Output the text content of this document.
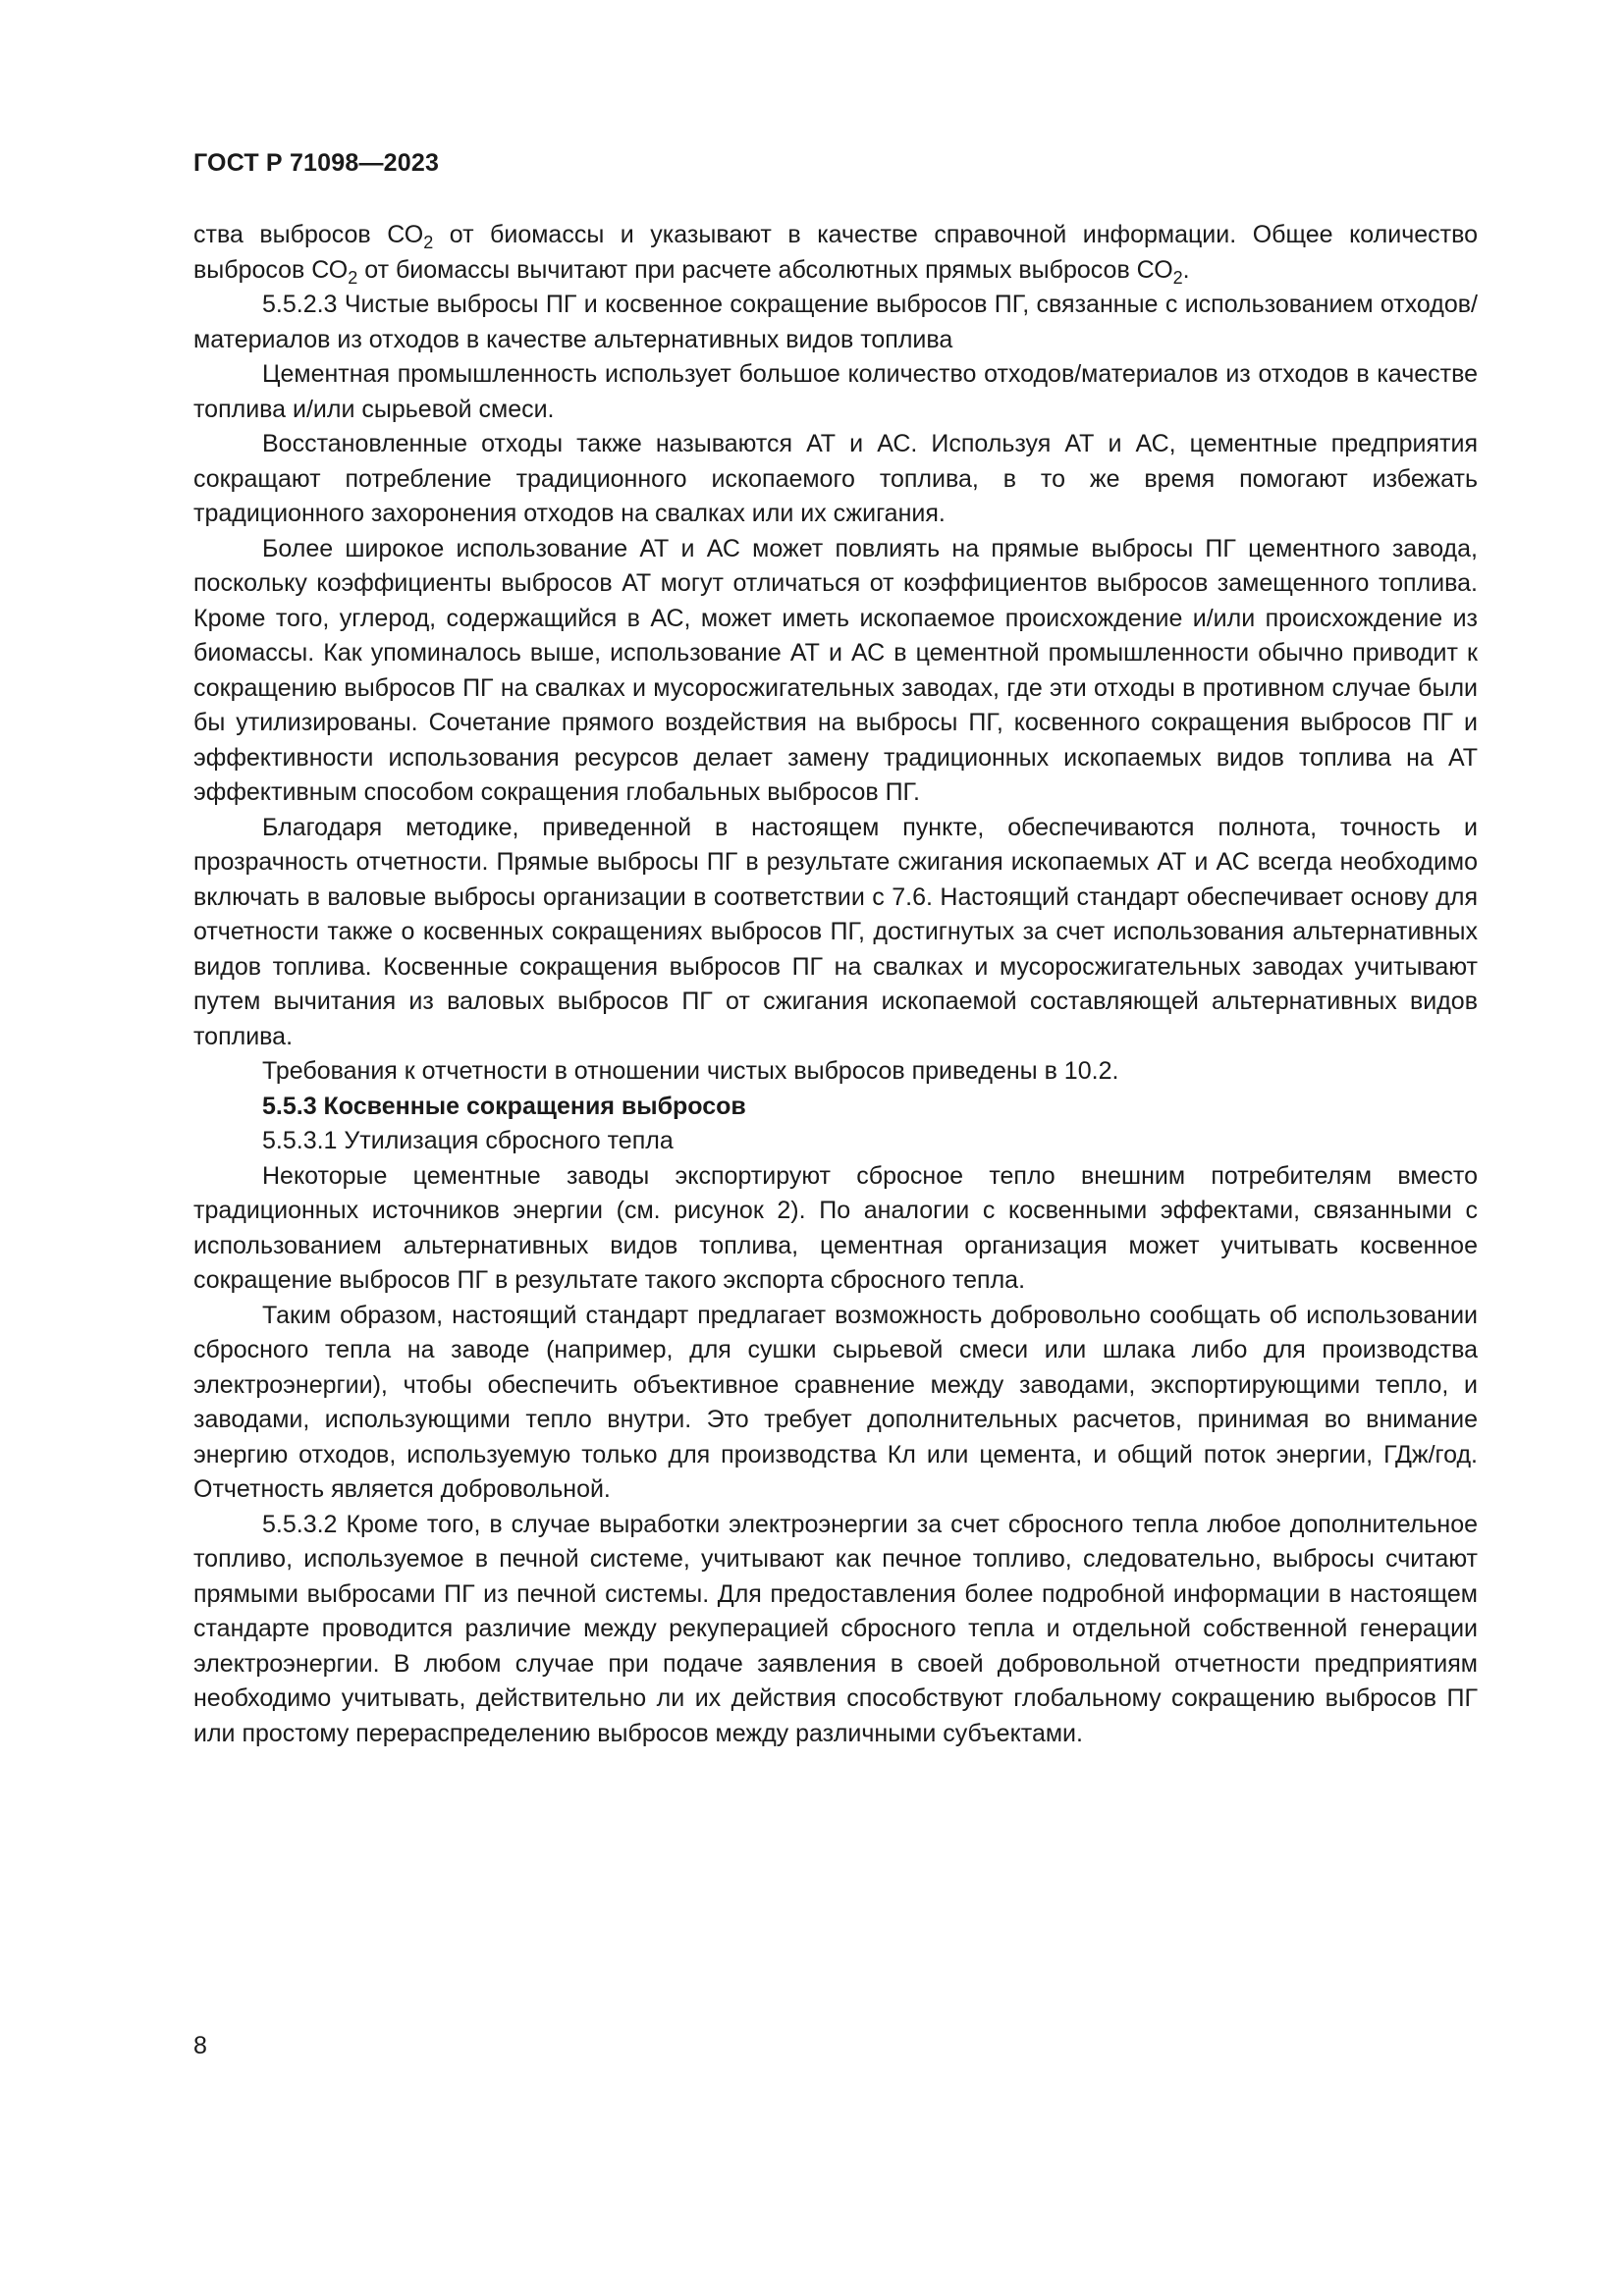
ГОСТ Р 71098—2023

ства выбросов $СО_2$ от биомассы и указывают в качестве справочной информации. Общее количество выбросов $СО_2$ от биомассы вычитают при расчете абсолютных прямых выбросов $СО_2$.

5.5.2.3 Чистые выбросы ПГ и косвенное сокращение выбросов ПГ, связанные с использованием отходов/материалов из отходов в качестве альтернативных видов топлива

Цементная промышленность использует большое количество отходов/материалов из отходов в качестве топлива и/или сырьевой смеси.

Восстановленные отходы также называются АТ и АС. Используя АТ и АС, цементные предприятия сокращают потребление традиционного ископаемого топлива, в то же время помогают избежать традиционного захоронения отходов на свалках или их сжигания.

Более широкое использование АТ и АС может повлиять на прямые выбросы ПГ цементного завода, поскольку коэффициенты выбросов АТ могут отличаться от коэффициентов выбросов замещенного топлива. Кроме того, углерод, содержащийся в АС, может иметь ископаемое происхождение и/или происхождение из биомассы. Как упоминалось выше, использование АТ и АС в цементной промышленности обычно приводит к сокращению выбросов ПГ на свалках и мусоросжигательных заводах, где эти отходы в противном случае были бы утилизированы. Сочетание прямого воздействия на выбросы ПГ, косвенного сокращения выбросов ПГ и эффективности использования ресурсов делает замену традиционных ископаемых видов топлива на АТ эффективным способом сокращения глобальных выбросов ПГ.

Благодаря методике, приведенной в настоящем пункте, обеспечиваются полнота, точность и прозрачность отчетности. Прямые выбросы ПГ в результате сжигания ископаемых АТ и АС всегда необходимо включать в валовые выбросы организации в соответствии с 7.6. Настоящий стандарт обеспечивает основу для отчетности также о косвенных сокращениях выбросов ПГ, достигнутых за счет использования альтернативных видов топлива. Косвенные сокращения выбросов ПГ на свалках и мусоросжигательных заводах учитывают путем вычитания из валовых выбросов ПГ от сжигания ископаемой составляющей альтернативных видов топлива.

Требования к отчетности в отношении чистых выбросов приведены в 10.2.

5.5.3 Косвенные сокращения выбросов

5.5.3.1 Утилизация сбросного тепла

Некоторые цементные заводы экспортируют сбросное тепло внешним потребителям вместо традиционных источников энергии (см. рисунок 2). По аналогии с косвенными эффектами, связанными с использованием альтернативных видов топлива, цементная организация может учитывать косвенное сокращение выбросов ПГ в результате такого экспорта сбросного тепла.

Таким образом, настоящий стандарт предлагает возможность добровольно сообщать об использовании сбросного тепла на заводе (например, для сушки сырьевой смеси или шлака либо для производства электроэнергии), чтобы обеспечить объективное сравнение между заводами, экспортирующими тепло, и заводами, использующими тепло внутри. Это требует дополнительных расчетов, принимая во внимание энергию отходов, используемую только для производства Кл или цемента, и общий поток энергии, ГДж/год. Отчетность является добровольной.

5.5.3.2 Кроме того, в случае выработки электроэнергии за счет сбросного тепла любое дополнительное топливо, используемое в печной системе, учитывают как печное топливо, следовательно, выбросы считают прямыми выбросами ПГ из печной системы. Для предоставления более подробной информации в настоящем стандарте проводится различие между рекуперацией сбросного тепла и отдельной собственной генерации электроэнергии. В любом случае при подаче заявления в своей добровольной отчетности предприятиям необходимо учитывать, действительно ли их действия способствуют глобальному сокращению выбросов ПГ или простому перераспределению выбросов между различными субъектами.

8
